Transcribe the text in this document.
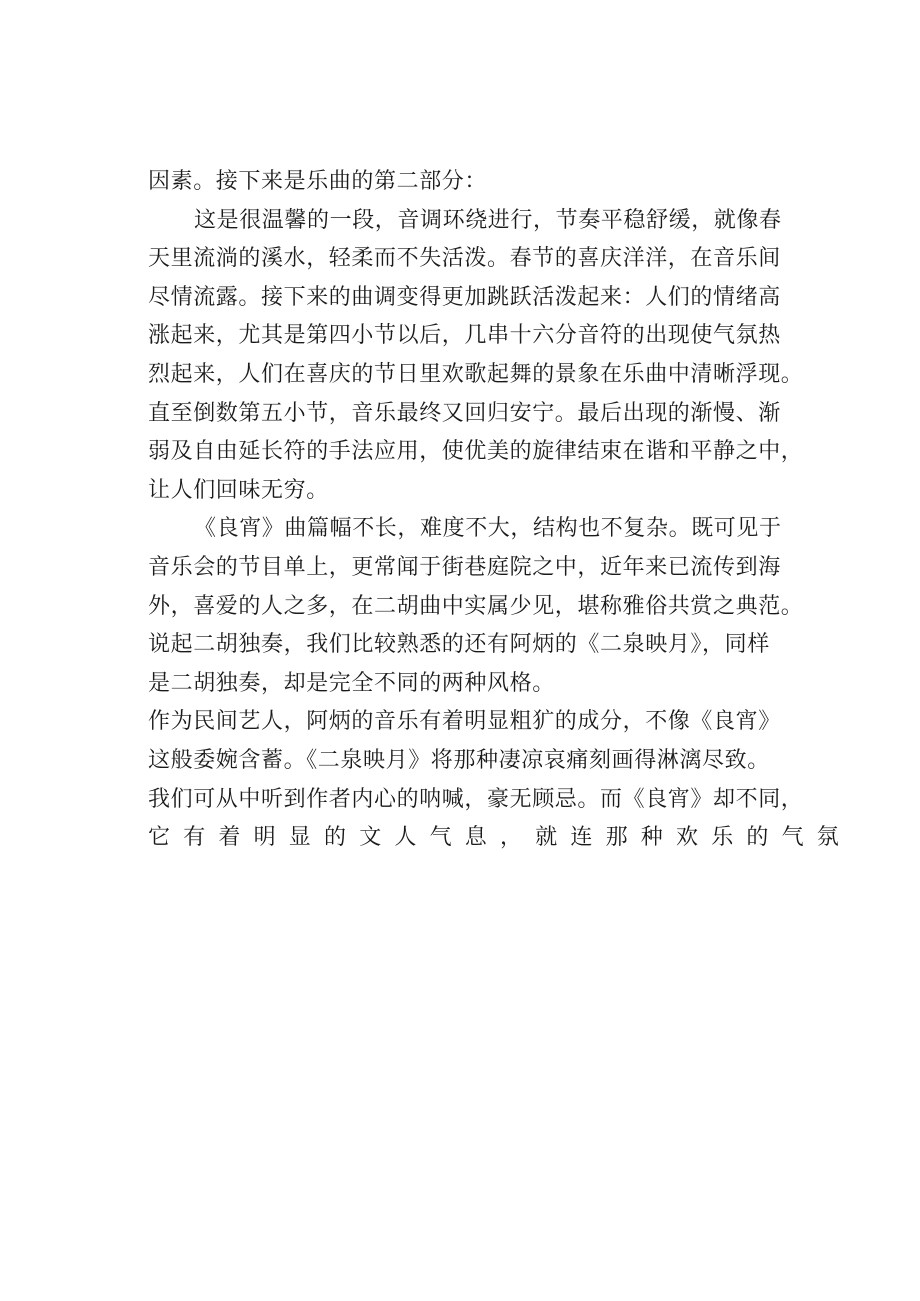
因素。接下来是乐曲的第二部分：
这是很温馨的一段，音调环绕进行，节奏平稳舒缓，就像春
天里流淌的溪水，轻柔而不失活泼。春节的喜庆洋洋，在音乐间
尽情流露。接下来的曲调变得更加跳跃活泼起来：人们的情绪高
涨起来，尤其是第四小节以后，几串十六分音符的出现使气氛热
烈起来，人们在喜庆的节日里欢歌起舞的景象在乐曲中清晰浮现。
直至倒数第五小节，音乐最终又回归安宁。最后出现的渐慢、渐
弱及自由延长符的手法应用，使优美的旋律结束在谐和平静之中，
让人们回味无穷。
《良宵》曲篇幅不长，难度不大，结构也不复杂。既可见于
音乐会的节目单上，更常闻于街巷庭院之中，近年来已流传到海
外，喜爱的人之多，在二胡曲中实属少见，堪称雅俗共赏之典范。
说起二胡独奏，我们比较熟悉的还有阿炳的《二泉映月》，同样
是二胡独奏，却是完全不同的两种风格。
作为民间艺人，阿炳的音乐有着明显粗犷的成分，不像《良宵》
这般委婉含蓄。《二泉映月》将那种凄凉哀痛刻画得淋漓尽致。
我们可从中听到作者内心的呐喊，豪无顾忌。而《良宵》却不同，
它有着明显的文人气息，就连那种欢乐的气氛
